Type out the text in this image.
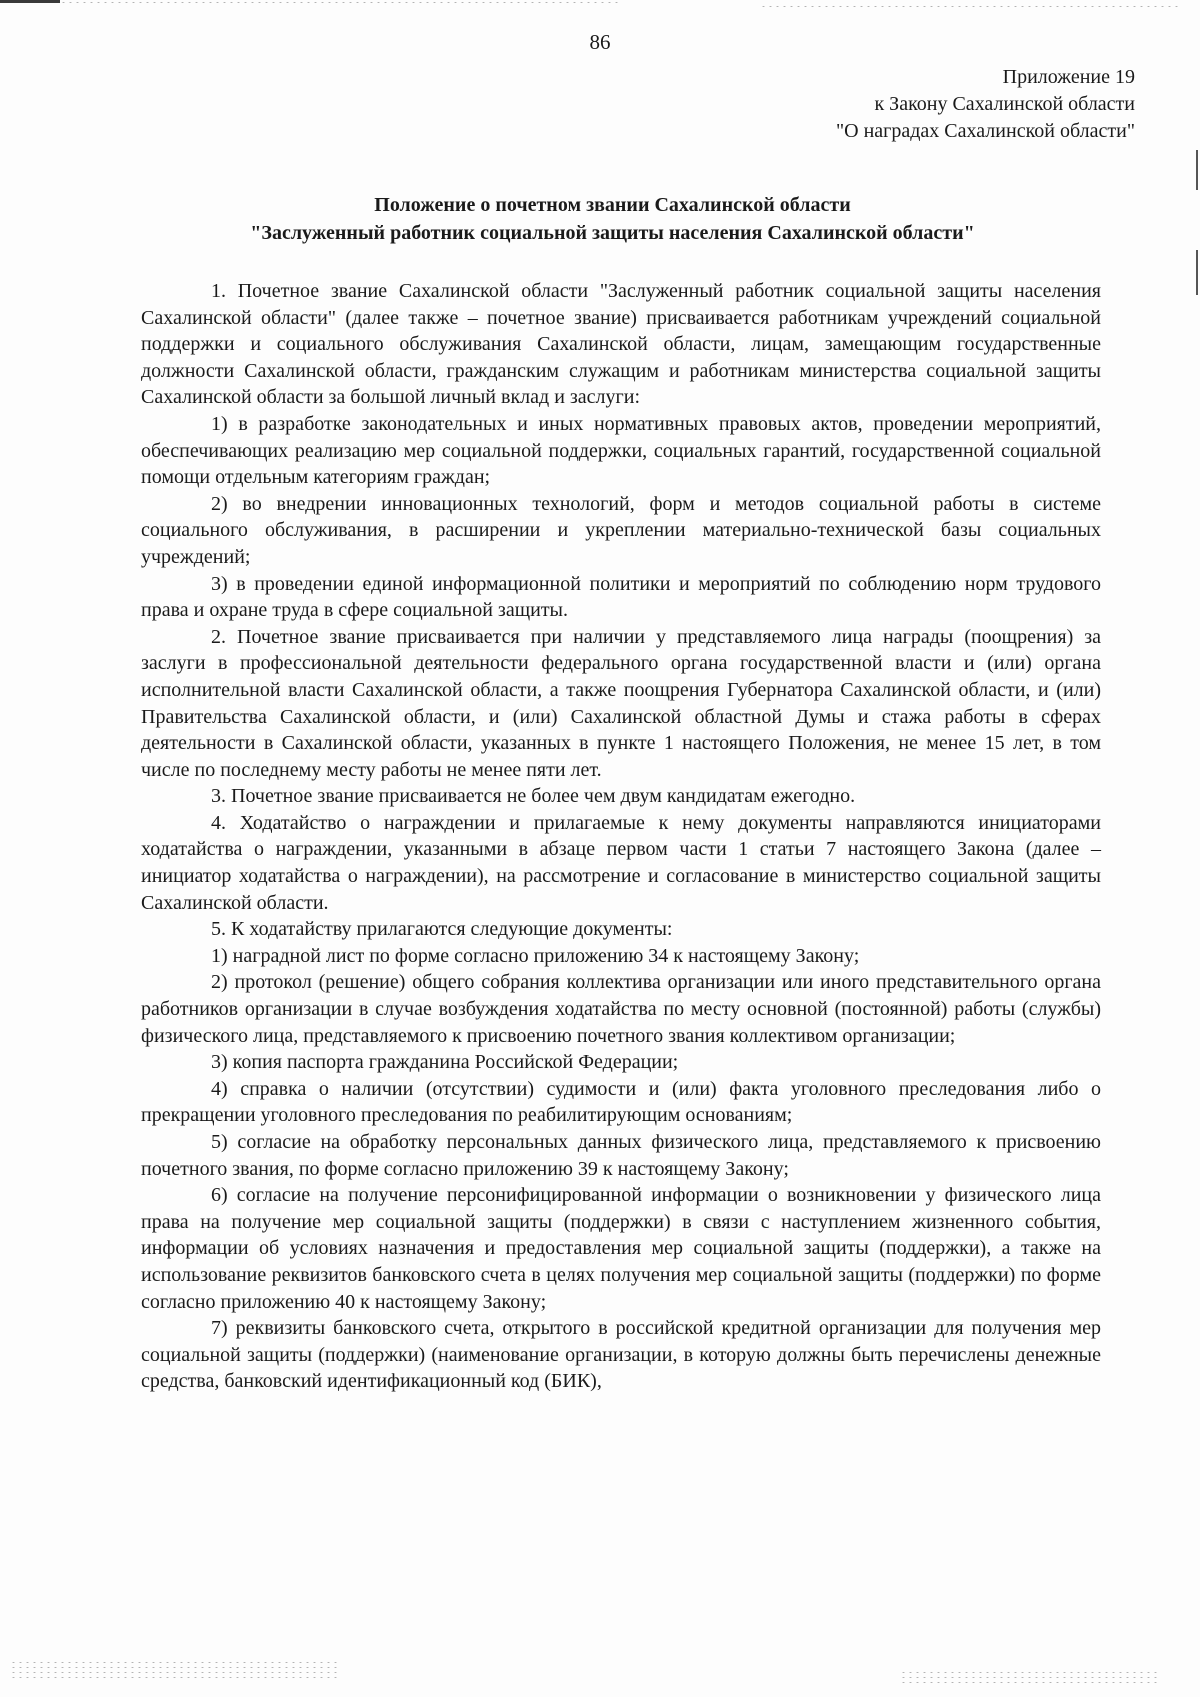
86
Приложение 19
к Закону Сахалинской области
"О наградах Сахалинской области"
Положение о почетном звании Сахалинской области
"Заслуженный работник социальной защиты населения Сахалинской области"

1. Почетное звание Сахалинской области "Заслуженный работник социальной защиты населения Сахалинской области" (далее также – почетное звание) присваивается работникам учреждений социальной поддержки и социального обслуживания Сахалинской области, лицам, замещающим государственные должности Сахалинской области, гражданским служащим и работникам министерства социальной защиты Сахалинской области за большой личный вклад и заслуги:

1) в разработке законодательных и иных нормативных правовых актов, проведении мероприятий, обеспечивающих реализацию мер социальной поддержки, социальных гарантий, государственной социальной помощи отдельным категориям граждан;

2) во внедрении инновационных технологий, форм и методов социальной работы в системе социального обслуживания, в расширении и укреплении материально-технической базы социальных учреждений;

3) в проведении единой информационной политики и мероприятий по соблюдению норм трудового права и охране труда в сфере социальной защиты.

2. Почетное звание присваивается при наличии у представляемого лица награды (поощрения) за заслуги в профессиональной деятельности федерального органа государственной власти и (или) органа исполнительной власти Сахалинской области, а также поощрения Губернатора Сахалинской области, и (или) Правительства Сахалинской области, и (или) Сахалинской областной Думы и стажа работы в сферах деятельности в Сахалинской области, указанных в пункте 1 настоящего Положения, не менее 15 лет, в том числе по последнему месту работы не менее пяти лет.

3. Почетное звание присваивается не более чем двум кандидатам ежегодно.

4. Ходатайство о награждении и прилагаемые к нему документы направляются инициаторами ходатайства о награждении, указанными в абзаце первом части 1 статьи 7 настоящего Закона (далее – инициатор ходатайства о награждении), на рассмотрение и согласование в министерство социальной защиты Сахалинской области.

5. К ходатайству прилагаются следующие документы:

1) наградной лист по форме согласно приложению 34 к настоящему Закону;

2) протокол (решение) общего собрания коллектива организации или иного представительного органа работников организации в случае возбуждения ходатайства по месту основной (постоянной) работы (службы) физического лица, представляемого к присвоению почетного звания коллективом организации;

3) копия паспорта гражданина Российской Федерации;

4) справка о наличии (отсутствии) судимости и (или) факта уголовного преследования либо о прекращении уголовного преследования по реабилитирующим основаниям;

5) согласие на обработку персональных данных физического лица, представляемого к присвоению почетного звания, по форме согласно приложению 39 к настоящему Закону;

6) согласие на получение персонифицированной информации о возникновении у физического лица права на получение мер социальной защиты (поддержки) в связи с наступлением жизненного события, информации об условиях назначения и предоставления мер социальной защиты (поддержки), а также на использование реквизитов банковского счета в целях получения мер социальной защиты (поддержки) по форме согласно приложению 40 к настоящему Закону;

7) реквизиты банковского счета, открытого в российской кредитной организации для получения мер социальной защиты (поддержки) (наименование организации, в которую должны быть перечислены денежные средства, банковский идентификационный код (БИК),
